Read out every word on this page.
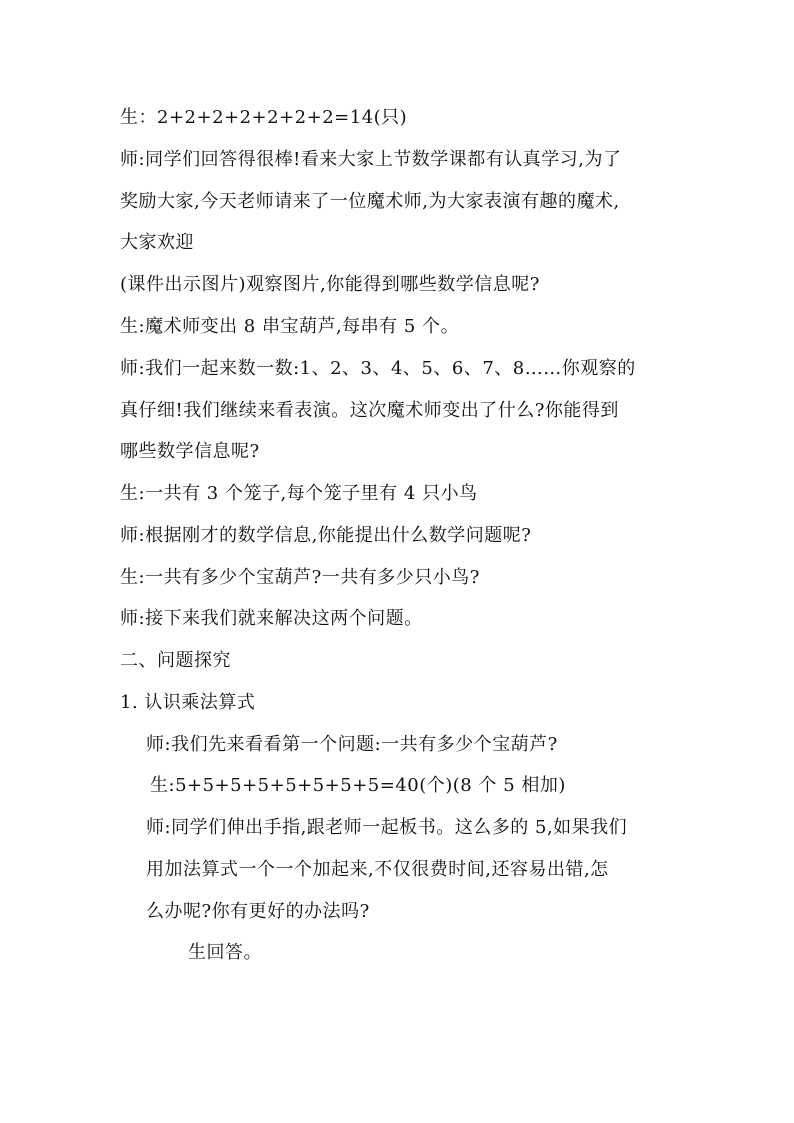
生：2+2+2+2+2+2+2=14(只)
师:同学们回答得很棒!看来大家上节数学课都有认真学习,为了
奖励大家,今天老师请来了一位魔术师,为大家表演有趣的魔术,
大家欢迎
(课件出示图片)观察图片,你能得到哪些数学信息呢?
生:魔术师变出 8 串宝葫芦,每串有 5 个。
师:我们一起来数一数:1、2、3、4、5、6、7、8……你观察的
真仔细!我们继续来看表演。这次魔术师变出了什么?你能得到
哪些数学信息呢?
生:一共有 3 个笼子,每个笼子里有 4 只小鸟
师:根据刚才的数学信息,你能提出什么数学问题呢?
生:一共有多少个宝葫芦?一共有多少只小鸟?
师:接下来我们就来解决这两个问题。
二、问题探究
1. 认识乘法算式
师:我们先来看看第一个问题:一共有多少个宝葫芦?
生:5+5+5+5+5+5+5+5=40(个)(8 个 5 相加)
师:同学们伸出手指,跟老师一起板书。这么多的 5,如果我们
用加法算式一个一个加起来,不仅很费时间,还容易出错,怎
么办呢?你有更好的办法吗?
生回答。
